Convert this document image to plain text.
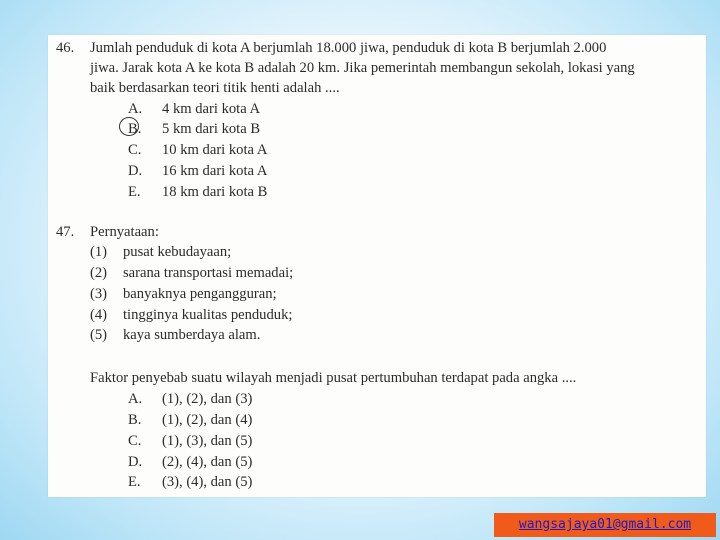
46. Jumlah penduduk di kota A berjumlah 18.000 jiwa, penduduk di kota B berjumlah 2.000
jiwa. Jarak kota A ke kota B adalah 20 km. Jika pemerintah membangun sekolah, lokasi yang
baik berdasarkan teori titik henti adalah ....
A. 4 km dari kota A
B. 5 km dari kota B
C. 10 km dari kota A
D. 16 km dari kota A
E. 18 km dari kota B
47. Pernyataan:
(1) pusat kebudayaan;
(2) sarana transportasi memadai;
(3) banyaknya pengangguran;
(4) tingginya kualitas penduduk;
(5) kaya sumberdaya alam.
Faktor penyebab suatu wilayah menjadi pusat pertumbuhan terdapat pada angka ....
A. (1), (2), dan (3)
B. (1), (2), dan (4)
C. (1), (3), dan (5)
D. (2), (4), dan (5)
E. (3), (4), dan (5)
wangsajaya01@gmail.com
